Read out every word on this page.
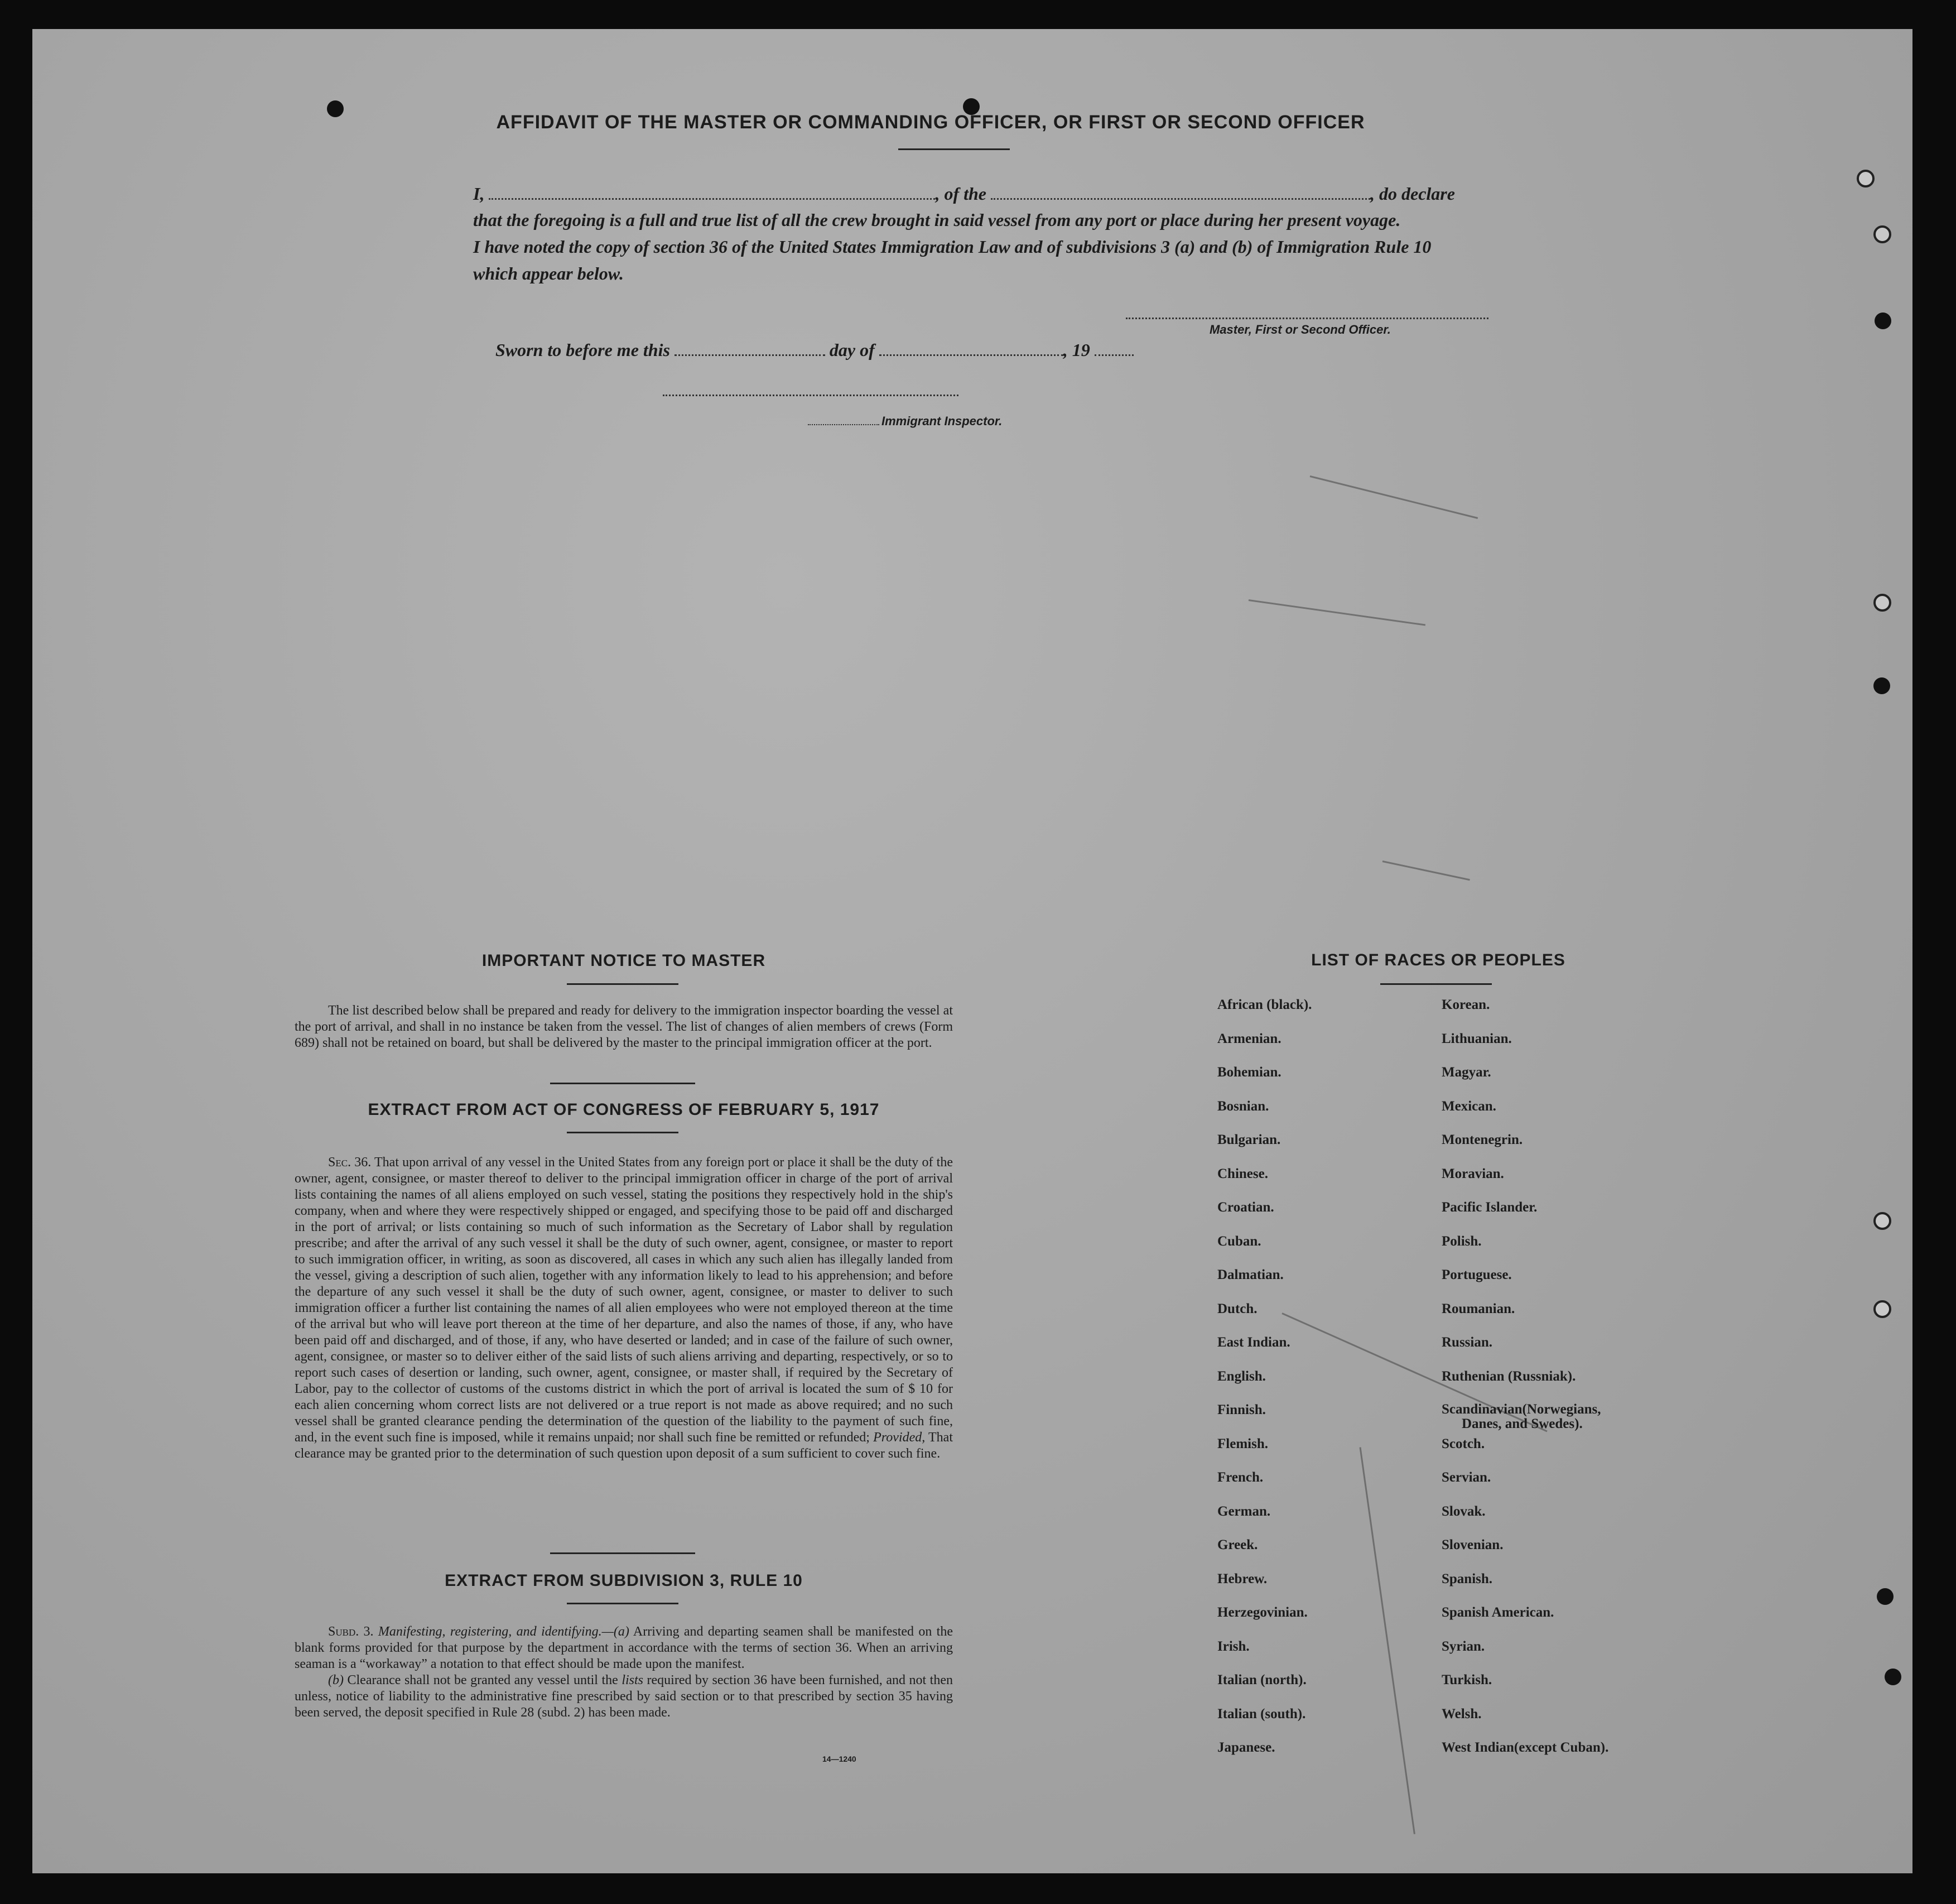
AFFIDAVIT OF THE MASTER OR COMMANDING OFFICER, OR FIRST OR SECOND OFFICER
I,	, of the	, do declare
that the foregoing is a full and true list of all the crew brought in said vessel from any port or place during her present voyage.
I have noted the copy of section 36 of the United States Immigration Law and of subdivisions 3 (a) and (b) of Immigration Rule 10
which appear below.
Master, First or Second Officer.
Sworn to before me this	day of	, 19
Immigrant Inspector.
IMPORTANT NOTICE TO MASTER

The list described below shall be prepared and ready for delivery to the immigration inspector boarding the vessel at the port of arrival, and shall in no instance be taken from the vessel. The list of changes of alien members of crews (Form 689) shall not be retained on board, but shall be delivered by the master to the principal immigration officer at the port.

EXTRACT FROM ACT OF CONGRESS OF FEBRUARY 5, 1917

Sec. 36. That upon arrival of any vessel in the United States from any foreign port or place it shall be the duty of the owner, agent, consignee, or master thereof to deliver to the principal immigration officer in charge of the port of arrival lists containing the names of all aliens employed on such vessel, stating the positions they respectively hold in the ship's company, when and where they were respectively shipped or engaged, and specifying those to be paid off and discharged in the port of arrival; or lists containing so much of such information as the Secretary of Labor shall by regulation prescribe; and after the arrival of any such vessel it shall be the duty of such owner, agent, consignee, or master to report to such immigration officer, in writing, as soon as discovered, all cases in which any such alien has illegally landed from the vessel, giving a description of such alien, together with any information likely to lead to his apprehension; and before the departure of any such vessel it shall be the duty of such owner, agent, consignee, or master to deliver to such immigration officer a further list containing the names of all alien employees who were not employed thereon at the time of the arrival but who will leave port thereon at the time of her departure, and also the names of those, if any, who have been paid off and discharged, and of those, if any, who have deserted or landed; and in case of the failure of such owner, agent, consignee, or master so to deliver either of the said lists of such aliens arriving and departing, respectively, or so to report such cases of desertion or landing, such owner, agent, consignee, or master shall, if required by the Secretary of Labor, pay to the collector of customs of the customs district in which the port of arrival is located the sum of $ 10 for each alien concerning whom correct lists are not delivered or a true report is not made as above required; and no such vessel shall be granted clearance pending the determination of the question of the liability to the payment of such fine, and, in the event such fine is imposed, while it remains unpaid; nor shall such fine be remitted or refunded; Provided, That clearance may be granted prior to the determination of such question upon deposit of a sum sufficient to cover such fine.

EXTRACT FROM SUBDIVISION 3, RULE 10

Subd. 3. Manifesting, registering, and identifying.—(a) Arriving and departing seamen shall be manifested on the blank forms provided for that purpose by the department in accordance with the terms of section 36. When an arriving seaman is a “workaway” a notation to that effect should be made upon the manifest.

(b) Clearance shall not be granted any vessel until the lists required by section 36 have been furnished, and not then unless, notice of liability to the administrative fine prescribed by said section or to that prescribed by section 35 having been served, the deposit specified in Rule 28 (subd. 2) has been made.

14—1240
LIST OF RACES OR PEOPLES
African (black).
Armenian.
Bohemian.
Bosnian.
Bulgarian.
Chinese.
Croatian.
Cuban.
Dalmatian.
Dutch.
East Indian.
English.
Finnish.
Flemish.
French.
German.
Greek.
Hebrew.
Herzegovinian.
Irish.
Italian (north).
Italian (south).
Japanese.
Korean.
Lithuanian.
Magyar.
Mexican.
Montenegrin.
Moravian.
Pacific Islander.
Polish.
Portuguese.
Roumanian.
Russian.
Ruthenian (Russniak).
Scandinavian(Norwegians,
Danes, and Swedes).
Scotch.
Servian.
Slovak.
Slovenian.
Spanish.
Spanish American.
Syrian.
Turkish.
Welsh.
West Indian(except Cuban).
